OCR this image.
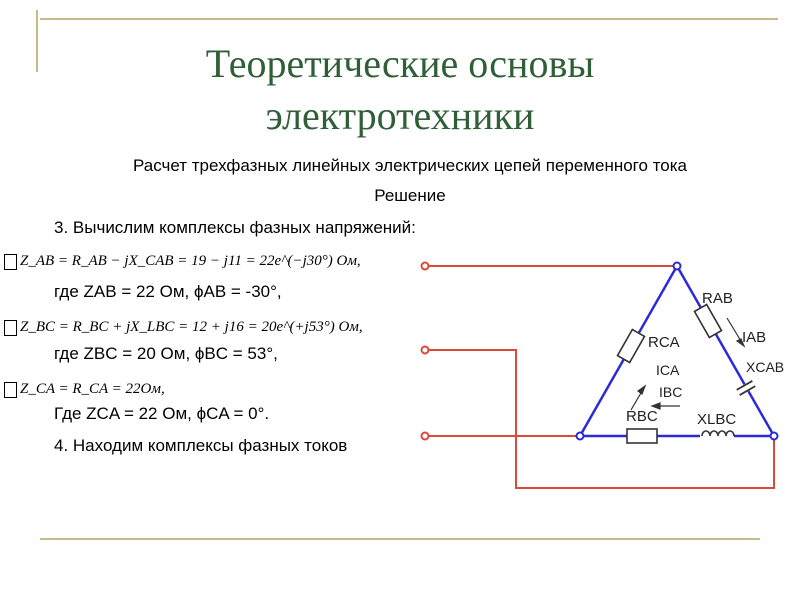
Теоретические основы
электротехники
Расчет трехфазных линейных электрических цепей переменного тока
Решение
3. Вычислим комплексы фазных напряжений:
Z_AB = R_AB − jX_CAB = 19 − j11 = 22e^(−j30°) Ом,
где ZAB = 22 Ом, ϕAB = -30°,
Z_BC = R_BC + jX_LBC = 12 + j16 = 20e^(+j53°) Ом,
где ZBC = 20 Ом, ϕBC = 53°,
Z_CA = R_CA = 22Ом,
Где ZCA = 22 Ом, ϕCA = 0°.
4. Находим комплексы фазных токов
RAB
IAB
XCAB
RCA
ICA
IBC
RBC	XLBC
